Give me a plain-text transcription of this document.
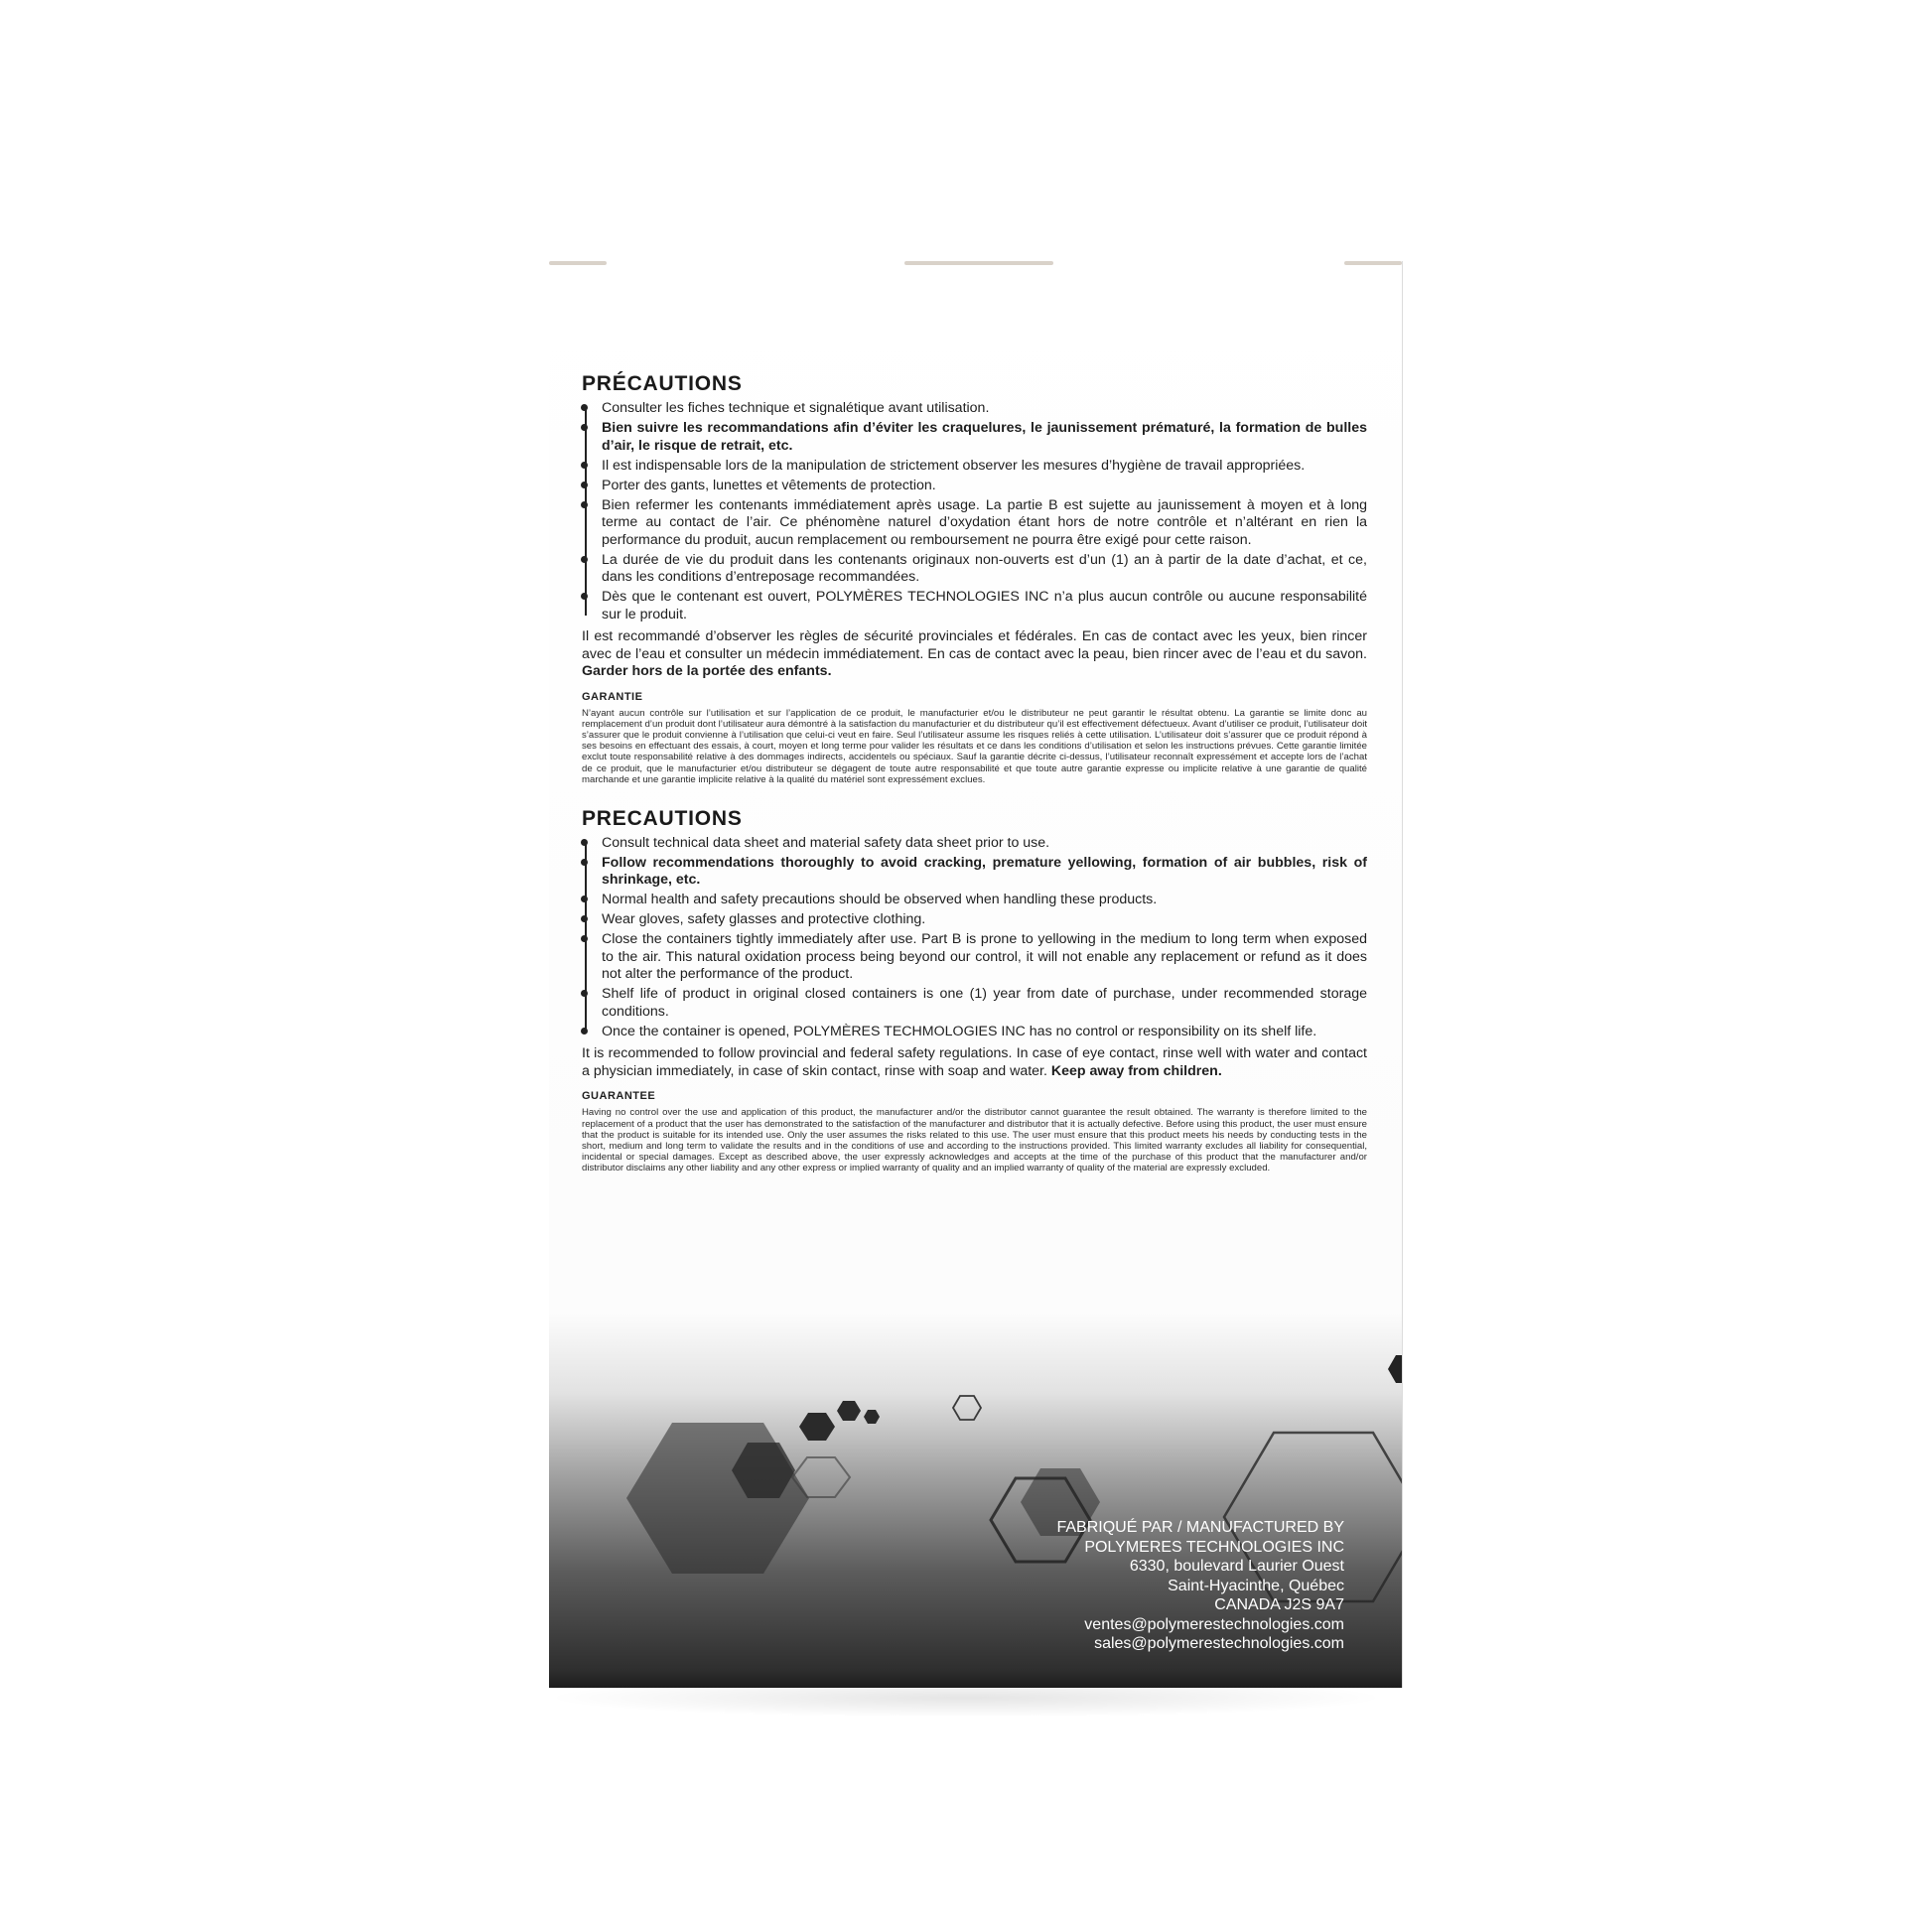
PRÉCAUTIONS
Consulter les fiches technique et signalétique avant utilisation.
Bien suivre les recommandations afin d’éviter les craquelures, le jaunissement prématuré, la formation de bulles d’air, le risque de retrait, etc.
Il est indispensable lors de la manipulation de strictement observer les mesures d’hygiène de travail appropriées.
Porter des gants, lunettes et vêtements de protection.
Bien refermer les contenants immédiatement après usage. La partie B est sujette au jaunissement à moyen et à long terme au contact de l’air. Ce phénomène naturel d’oxydation étant hors de notre contrôle et n’altérant en rien la performance du produit, aucun remplacement ou remboursement ne pourra être exigé pour cette raison.
La durée de vie du produit dans les contenants originaux non-ouverts est d’un (1) an à partir de la date d’achat, et ce, dans les conditions d’entreposage recommandées.
Dès que le contenant est ouvert, POLYMÈRES TECHNOLOGIES INC n’a plus aucun contrôle ou aucune responsabilité sur le produit.

Il est recommandé d’observer les règles de sécurité provinciales et fédérales. En cas de contact avec les yeux, bien rincer avec de l’eau et consulter un médecin immédiatement. En cas de contact avec la peau, bien rincer avec de l’eau et du savon. Garder hors de la portée des enfants.

GARANTIE

N’ayant aucun contrôle sur l’utilisation et sur l’application de ce produit, le manufacturier et/ou le distributeur ne peut garantir le résultat obtenu. La garantie se limite donc au remplacement d’un produit dont l’utilisateur aura démontré à la satisfaction du manufacturier et du distributeur qu’il est effectivement défectueux. Avant d’utiliser ce produit, l’utilisateur doit s’assurer que le produit convienne à l’utilisation que celui-ci veut en faire. Seul l’utilisateur assume les risques reliés à cette utilisation. L’utilisateur doit s’assurer que ce produit répond à ses besoins en effectuant des essais, à court, moyen et long terme pour valider les résultats et ce dans les conditions d’utilisation et selon les instructions prévues. Cette garantie limitée exclut toute responsabilité relative à des dommages indirects, accidentels ou spéciaux. Sauf la garantie décrite ci-dessus, l’utilisateur reconnaît expressément et accepte lors de l’achat de ce produit, que le manufacturier et/ou distributeur se dégagent de toute autre responsabilité et que toute autre garantie expresse ou implicite relative à une garantie de qualité marchande et une garantie implicite relative à la qualité du matériel sont expressément exclues.

PRECAUTIONS
Consult technical data sheet and material safety data sheet prior to use.
Follow recommendations thoroughly to avoid cracking, premature yellowing, formation of air bubbles, risk of shrinkage, etc.
Normal health and safety precautions should be observed when handling these products.
Wear gloves, safety glasses and protective clothing.
Close the containers tightly immediately after use. Part B is prone to yellowing in the medium to long term when exposed to the air. This natural oxidation process being beyond our control, it will not enable any replacement or refund as it does not alter the performance of the product.
Shelf life of product in original closed containers is one (1) year from date of purchase, under recommended storage conditions.
Once the container is opened, POLYMÈRES TECHMOLOGIES INC has no control or responsibility on its shelf life.

It is recommended to follow provincial and federal safety regulations. In case of eye contact, rinse well with water and contact a physician immediately, in case of skin contact, rinse with soap and water. Keep away from children.

GUARANTEE

Having no control over the use and application of this product, the manufacturer and/or the distributor cannot guarantee the result obtained. The warranty is therefore limited to the replacement of a product that the user has demonstrated to the satisfaction of the manufacturer and distributor that it is actually defective. Before using this product, the user must ensure that the product is suitable for its intended use. Only the user assumes the risks related to this use. The user must ensure that this product meets his needs by conducting tests in the short, medium and long term to validate the results and in the conditions of use and according to the instructions provided. This limited warranty excludes all liability for consequential, incidental or special damages. Except as described above, the user expressly acknowledges and accepts at the time of the purchase of this product that the manufacturer and/or distributor disclaims any other liability and any other express or implied warranty of quality and an implied warranty of quality of the material are expressly excluded.

FABRIQUÉ PAR / MANUFACTURED BY
POLYMERES TECHNOLOGIES INC
6330, boulevard Laurier Ouest
Saint-Hyacinthe, Québec
CANADA J2S 9A7
ventes@polymerestechnologies.com
sales@polymerestechnologies.com
